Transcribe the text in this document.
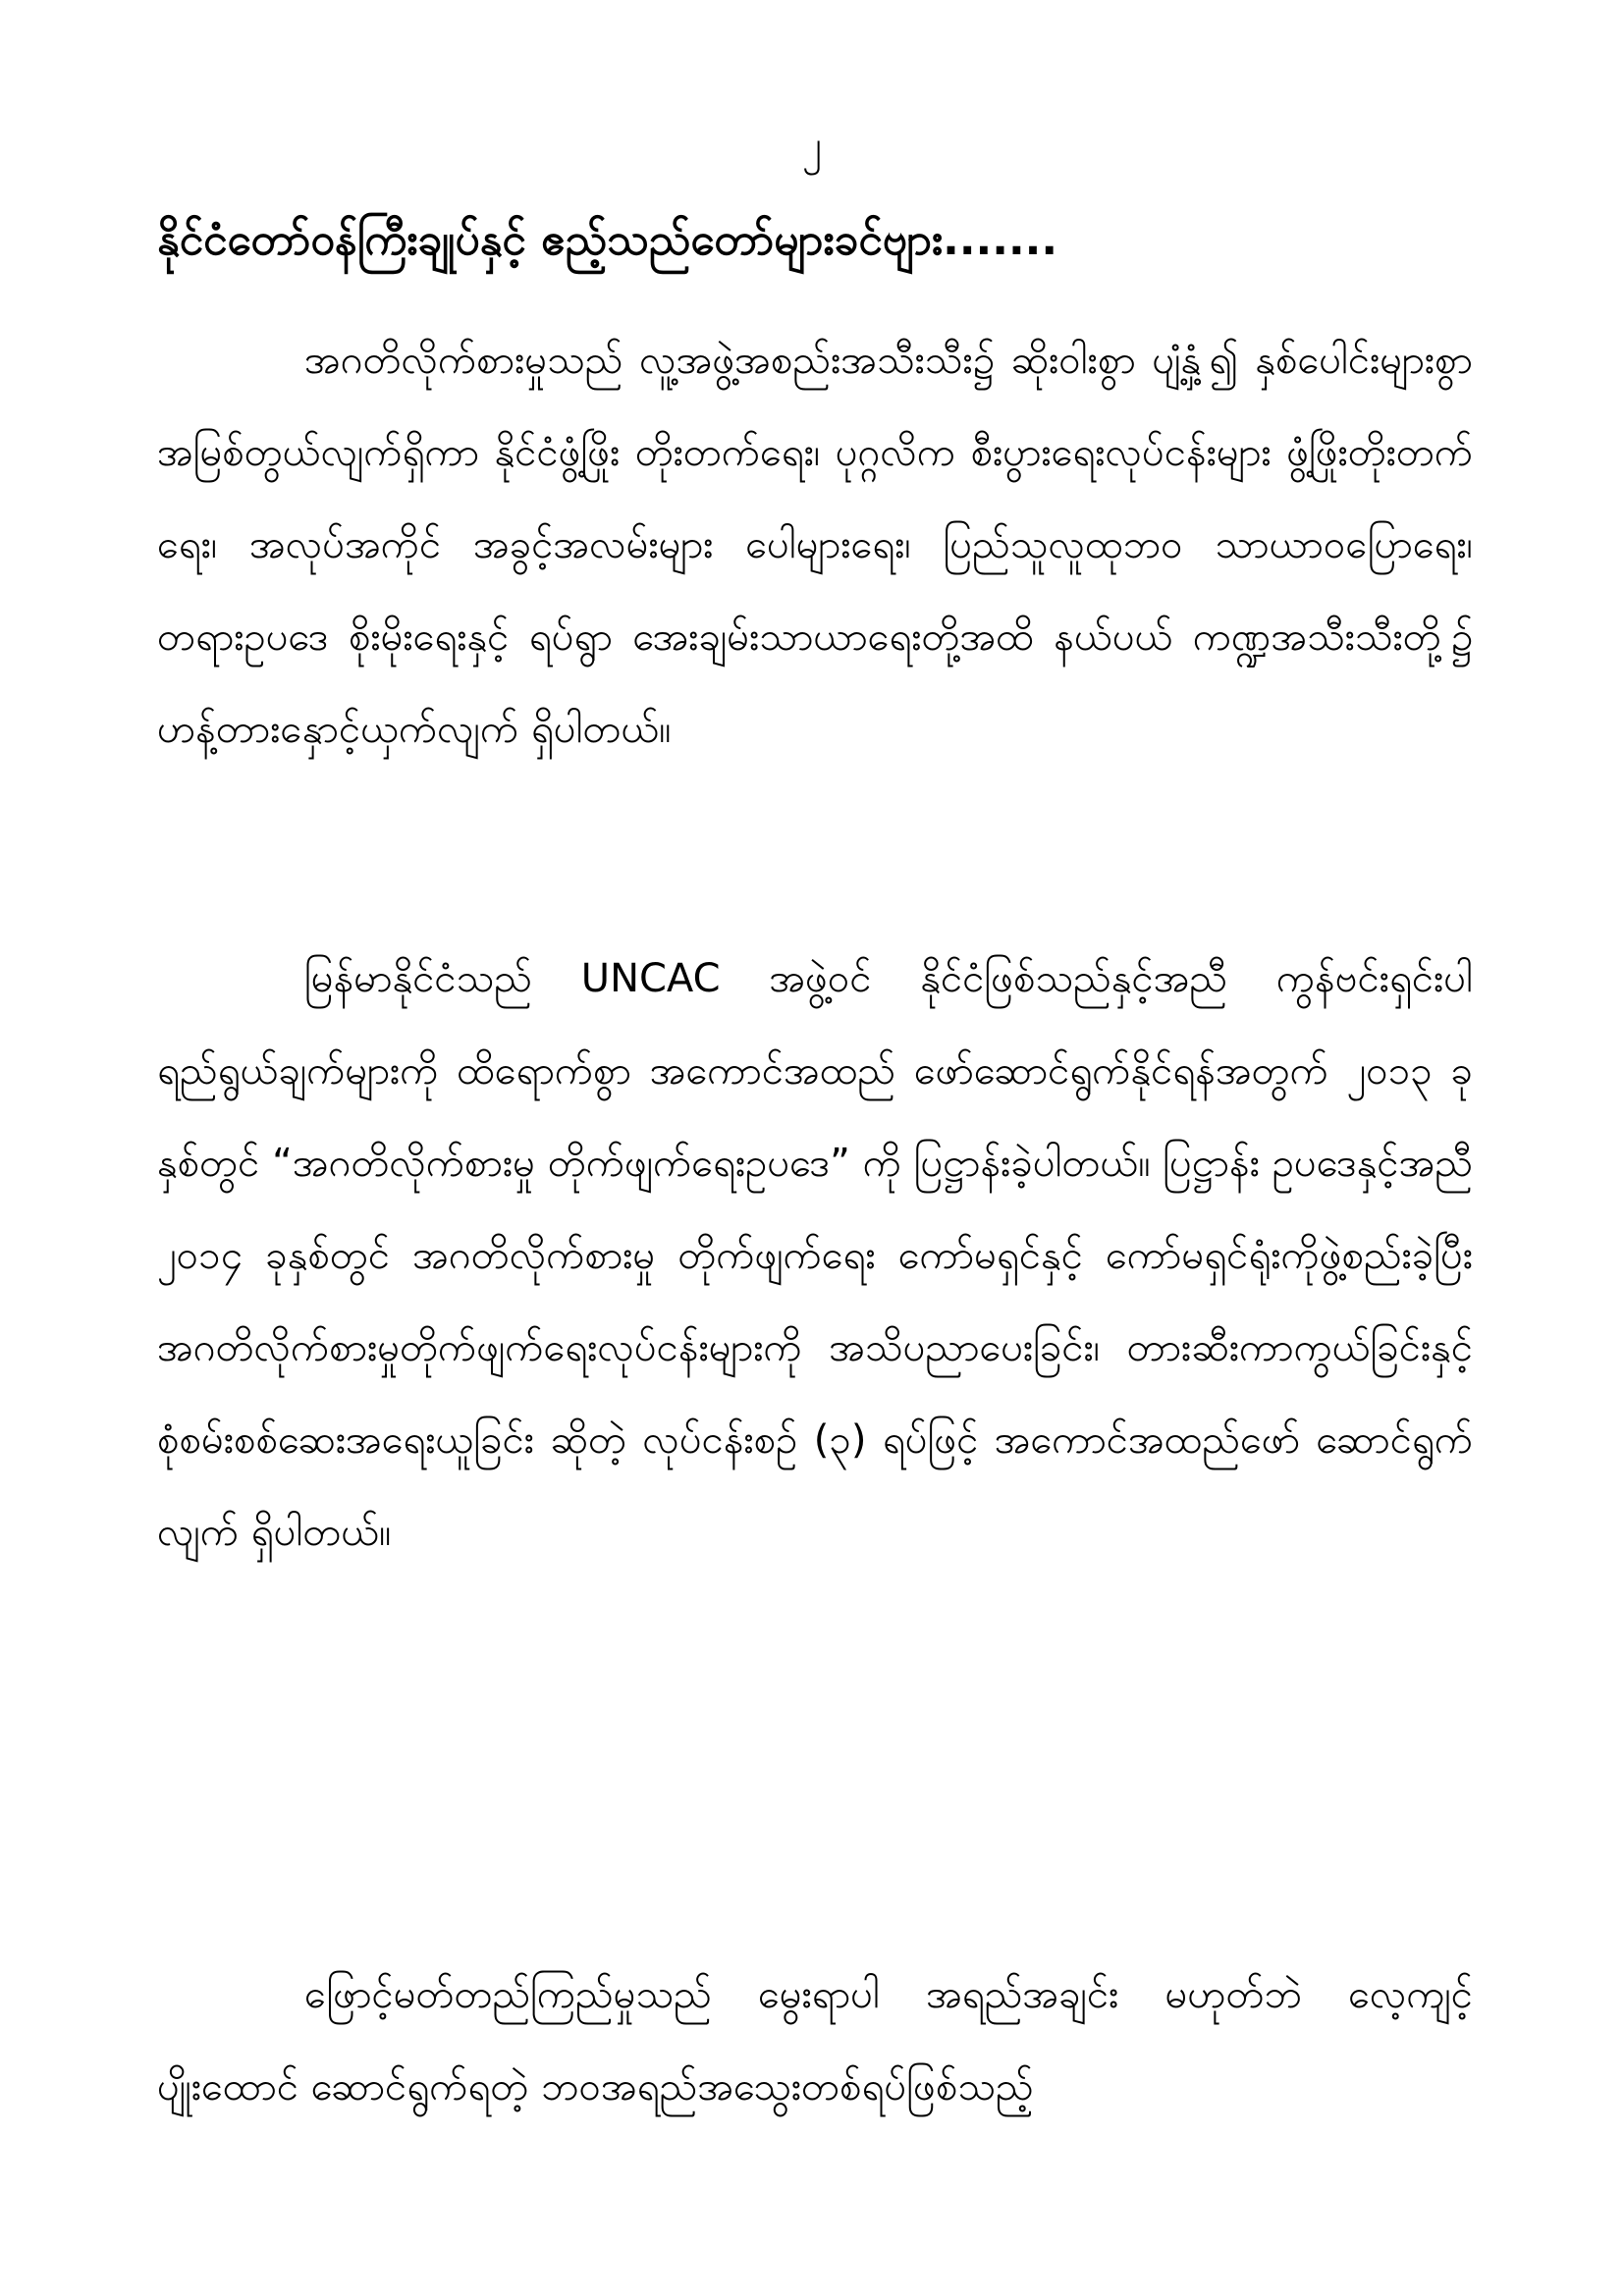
၂
နိုင်ငံတော်ဝန်ကြီးချုပ်နှင့် ဧည့်သည်တော်များခင်ဗျား.......

အဂတိလိုက်စားမှုသည် လူ့အဖွဲ့အစည်းအသီးသီး၌ ဆိုးဝါးစွာ ပျံ့နှံ့၍ နှစ်ပေါင်းများစွာ အမြစ်တွယ်လျက်ရှိကာ နိုင်ငံဖွံ့ဖြိုး တိုးတက်ရေး၊ ပုဂ္ဂလိက စီးပွားရေးလုပ်ငန်းများ ဖွံ့ဖြိုးတိုးတက်ရေး၊ အလုပ်အကိုင် အခွင့်အလမ်းများ ပေါများရေး၊ ပြည်သူလူထုဘဝ သာယာဝပြောရေး၊ တရားဥပဒေ စိုးမိုးရေးနှင့် ရပ်ရွာ အေးချမ်းသာယာရေးတို့အထိ နယ်ပယ် ကဏ္ဍအသီးသီးတို့၌ ဟန့်တားနှောင့်ယှက်လျက် ရှိပါတယ်။

မြန်မာနိုင်ငံသည် UNCAC အဖွဲ့ဝင် နိုင်ငံဖြစ်သည်နှင့်အညီ ကွန်ဗင်းရှင်းပါ ရည်ရွယ်ချက်များကို ထိရောက်စွာ အကောင်အထည် ဖော်ဆောင်ရွက်နိုင်ရန်အတွက် ၂၀၁၃ ခုနှစ်တွင် “အဂတိလိုက်စားမှု တိုက်ဖျက်ရေးဥပဒေ” ကို ပြဋ္ဌာန်းခဲ့ပါတယ်။ ပြဋ္ဌာန်း ဥပဒေနှင့်အညီ ၂၀၁၄ ခုနှစ်တွင် အဂတိလိုက်စားမှု တိုက်ဖျက်ရေး ကော်မရှင်နှင့် ကော်မရှင်ရုံးကိုဖွဲ့စည်းခဲ့ပြီး အဂတိလိုက်စားမှုတိုက်ဖျက်ရေးလုပ်ငန်းများကို အသိပညာပေးခြင်း၊ တားဆီးကာကွယ်ခြင်းနှင့် စုံစမ်းစစ်ဆေးအရေးယူခြင်း ဆိုတဲ့ လုပ်ငန်းစဉ် (၃) ရပ်ဖြင့် အကောင်အထည်ဖော် ဆောင်ရွက်လျက် ရှိပါတယ်။

ဖြောင့်မတ်တည်ကြည်မှုသည် မွေးရာပါ အရည်အချင်း မဟုတ်ဘဲ လေ့ကျင့်ပျိုးထောင် ဆောင်ရွက်ရတဲ့ ဘဝအရည်အသွေးတစ်ရပ်ဖြစ်သည့်
